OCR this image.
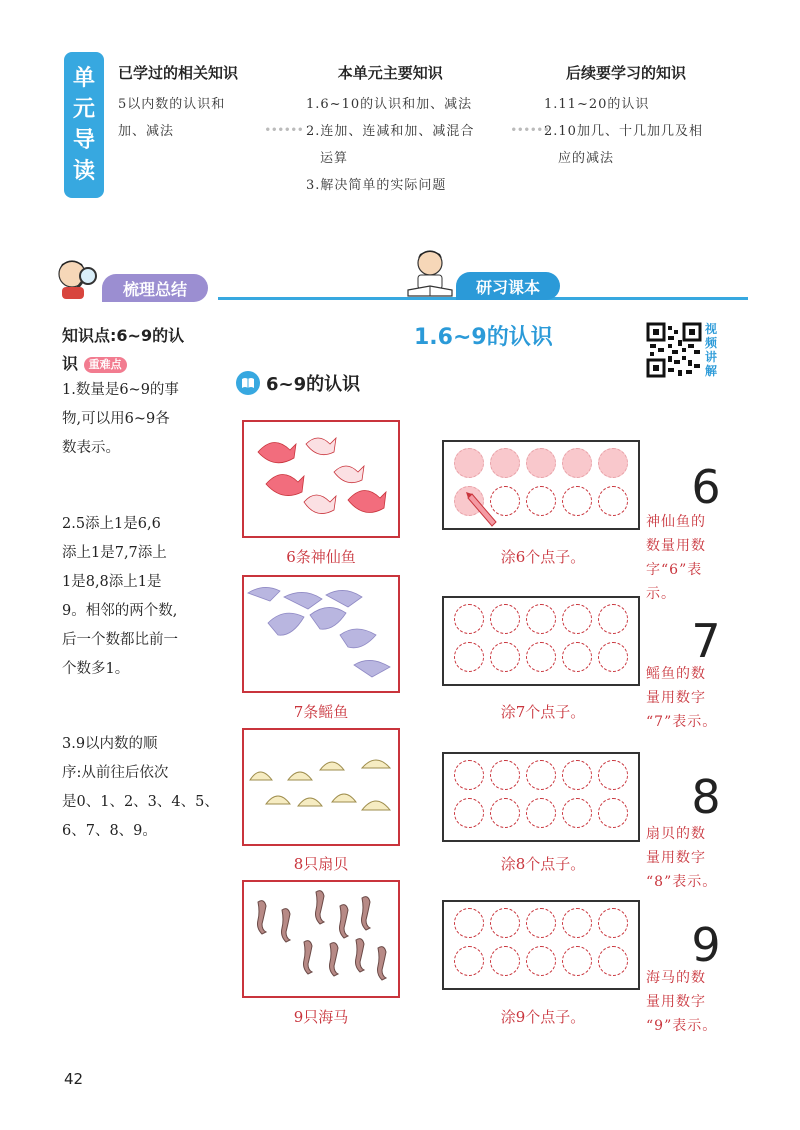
单
元
导
读
已学过的相关知识

5以内数的认识和

加、减法	∙∙∙∙∙∙
本单元主要知识

1.6~10的认识和加、减法

2.连加、连减和加、减混合

运算

3.解决简单的实际问题

∙∙∙∙∙∙
后续要学习的知识

1.11~20的认识

2.10加几、十几加几及相

应的减法

梳理总结	研习课本
知识点:6~9的认
识 重难点
1.数量是6~9的事
物,可以用6~9各
数表示。
2.5添上1是6,6
添上1是7,7添上
1是8,8添上1是
9。相邻的两个数,
后一个数都比前一
个数多1。
3.9以内数的顺
序:从前往后依次
是0、1、2、3、4、5、
6、7、8、9。
1.6~9的认识	视
频
讲
解
6~9的认识
6条神仙鱼	涂6个点子。
6
神仙鱼的
数量用数
字“6”表示。
7条鳐鱼	涂7个点子。
7
鳐鱼的数
量用数字
“7”表示。
8只扇贝	涂8个点子。
8
扇贝的数
量用数字
“8”表示。
9只海马	涂9个点子。
9
海马的数
量用数字
“9”表示。
42
